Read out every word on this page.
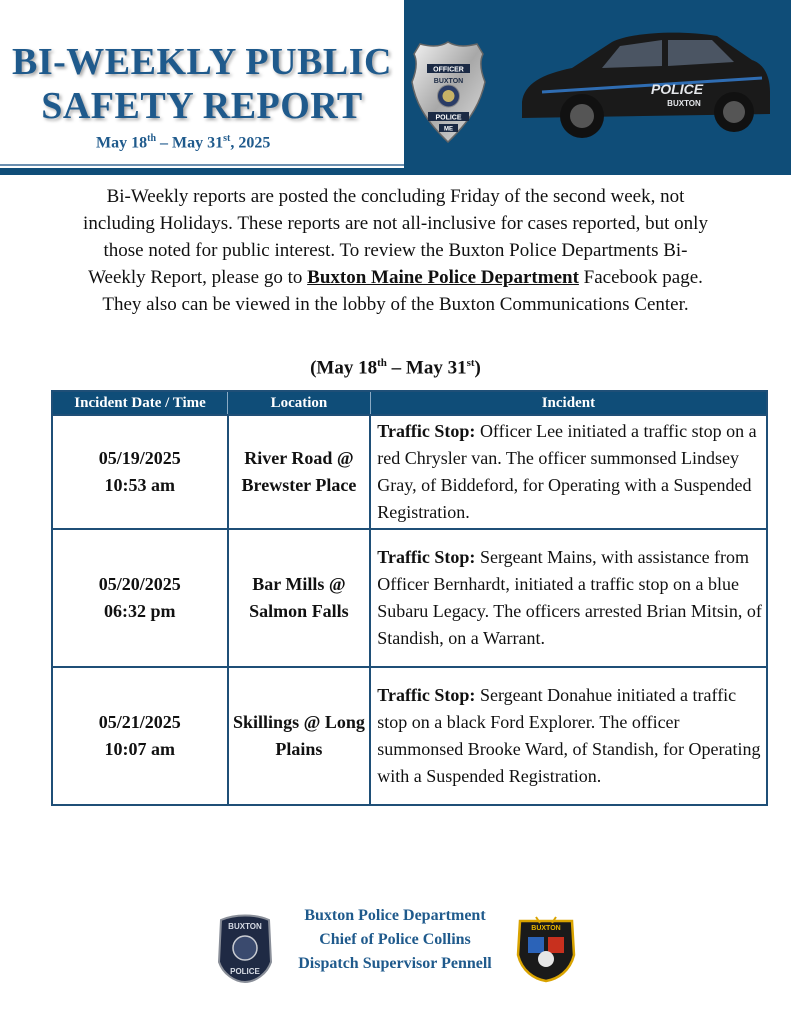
BI-WEEKLY PUBLIC
SAFETY REPORT
May 18th – May 31st, 2025
OFFICER
BUXTON
POLICE
ME
POLICE
BUXTON
Bi-Weekly reports are posted the concluding Friday of the second week, not including Holidays. These reports are not all-inclusive for cases reported, but only those noted for public interest. To review the Buxton Police Departments Bi-Weekly Report, please go to Buxton Maine Police Department Facebook page. They also can be viewed in the lobby of the Buxton Communications Center.
(May 18th – May 31st)
Incident Date / Time	Location	Incident

05/19/2025
10:53 am	River Road @ Brewster Place	Traffic Stop: Officer Lee initiated a traffic stop on a red Chrysler van. The officer summonsed Lindsey Gray, of Biddeford, for Operating with a Suspended Registration.

05/20/2025
06:32 pm	Bar Mills @ Salmon Falls	Traffic Stop: Sergeant Mains, with assistance from Officer Bernhardt, initiated a traffic stop on a blue Subaru Legacy. The officers arrested Brian Mitsin, of Standish, on a Warrant.

05/21/2025
10:07 am	Skillings @ Long Plains	Traffic Stop: Sergeant Donahue initiated a traffic stop on a black Ford Explorer. The officer summonsed Brooke Ward, of Standish, for Operating with a Suspended Registration.
BUXTON
POLICE
Buxton Police Department
Chief of Police Collins
Dispatch Supervisor Pennell
BUXTON
